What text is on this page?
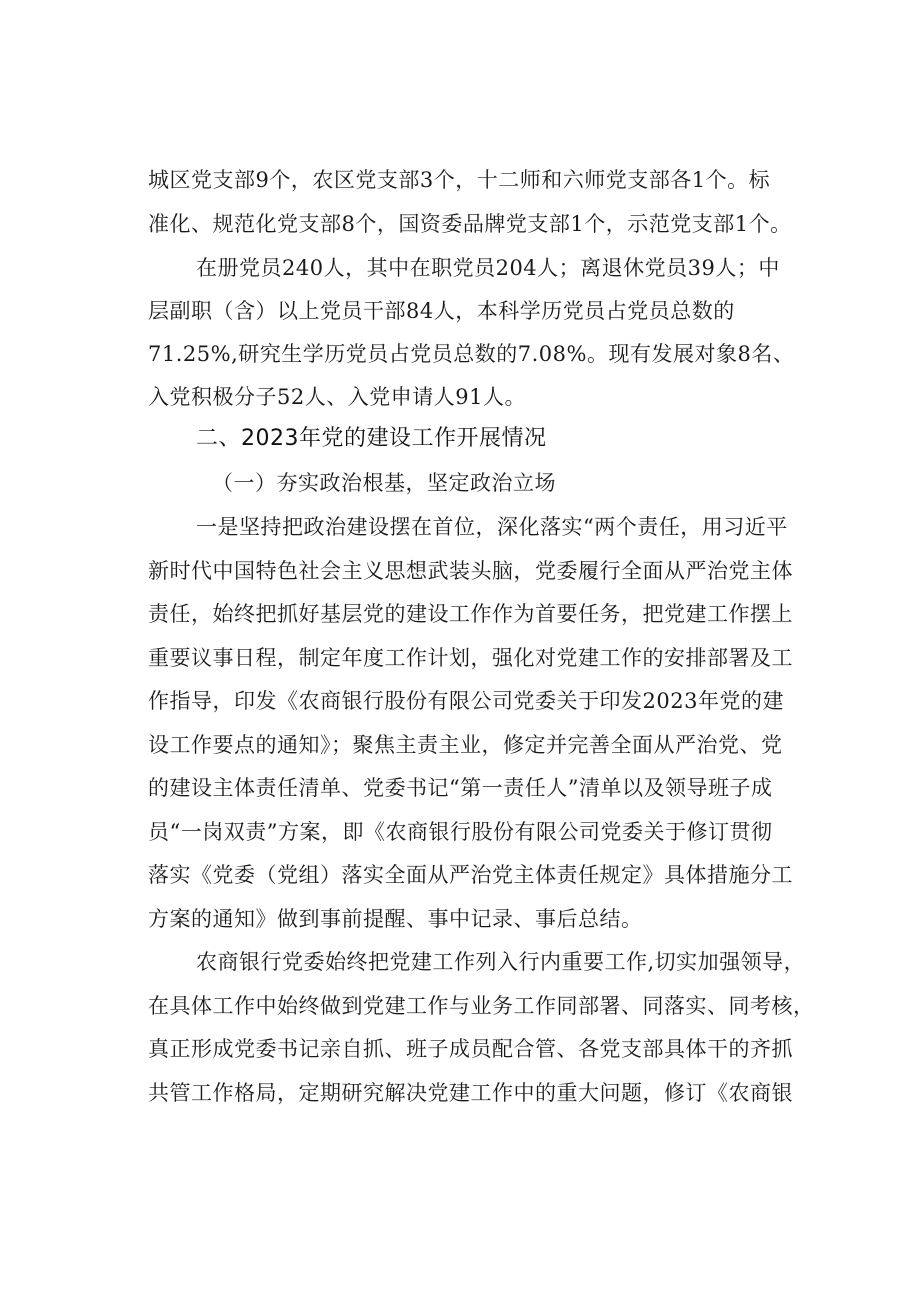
城区党支部9个，农区党支部3个，十二师和六师党支部各1个。标
准化、规范化党支部8个，国资委品牌党支部1个，示范党支部1个。
在册党员240人，其中在职党员204人；离退休党员39人；中
层副职（含）以上党员干部84人，本科学历党员占党员总数的
71.25%,研究生学历党员占党员总数的7.08%。现有发展对象8名、
入党积极分子52人、入党申请人91人。
二、2023年党的建设工作开展情况
（一）夯实政治根基，坚定政治立场
一是坚持把政治建设摆在首位，深化落实“两个责任，用习近平
新时代中国特色社会主义思想武装头脑，党委履行全面从严治党主体
责任，始终把抓好基层党的建设工作作为首要任务，把党建工作摆上
重要议事日程，制定年度工作计划，强化对党建工作的安排部署及工
作指导，印发《农商银行股份有限公司党委关于印发2023年党的建
设工作要点的通知》；聚焦主责主业，修定并完善全面从严治党、党
的建设主体责任清单、党委书记“第一责任人”清单以及领导班子成
员“一岗双责”方案，即《农商银行股份有限公司党委关于修订贯彻
落实《党委（党组）落实全面从严治党主体责任规定》具体措施分工
方案的通知》做到事前提醒、事中记录、事后总结。
农商银行党委始终把党建工作列入行内重要工作,切实加强领导，
在具体工作中始终做到党建工作与业务工作同部署、同落实、同考核，
真正形成党委书记亲自抓、班子成员配合管、各党支部具体干的齐抓
共管工作格局，定期研究解决党建工作中的重大问题，修订《农商银
